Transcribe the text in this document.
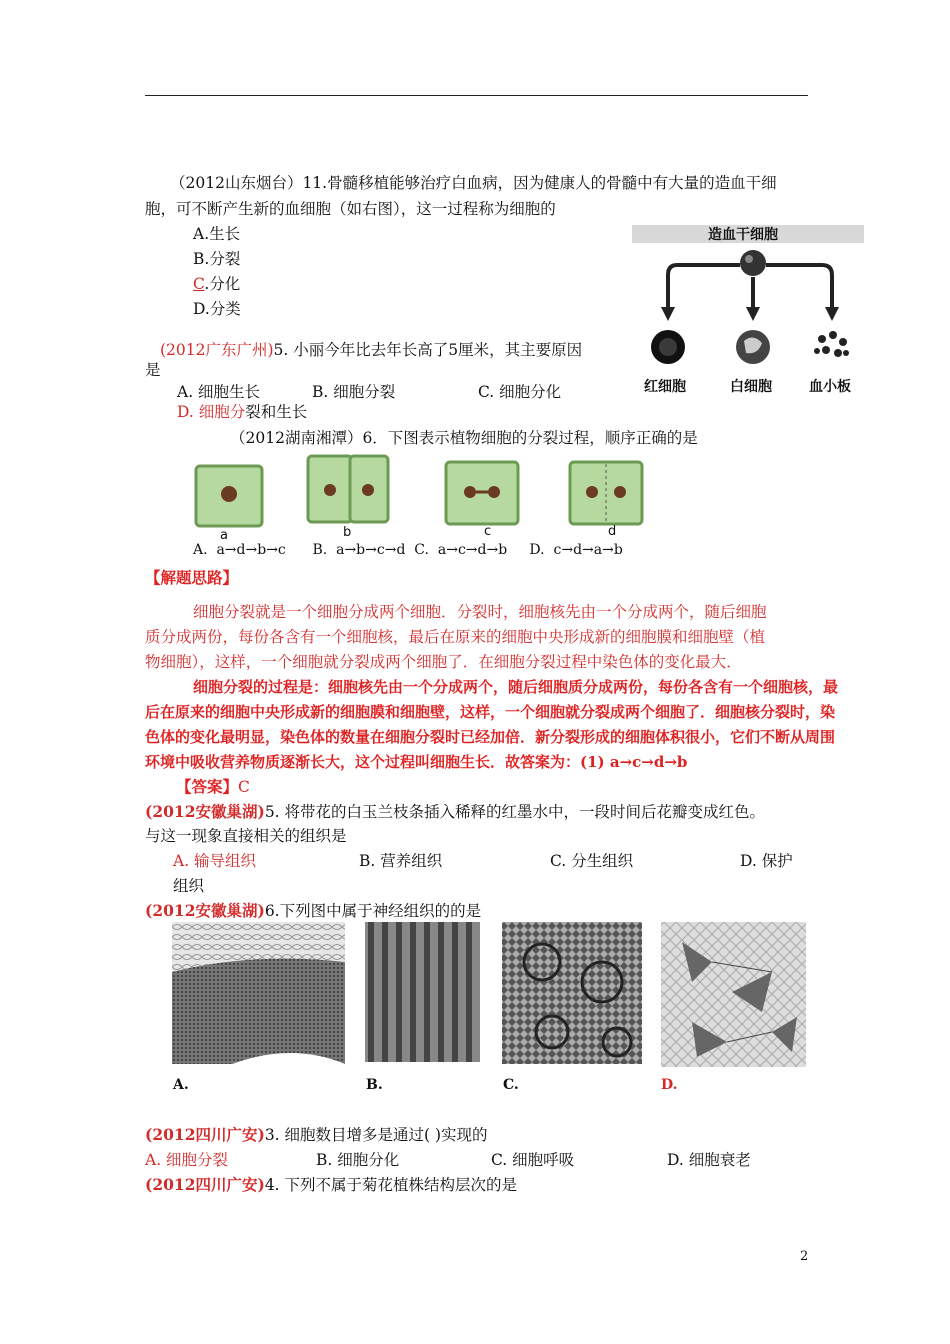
（2012山东烟台）11.骨髓移植能够治疗白血病，因为健康人的骨髓中有大量的造血干细
胞，可不断产生新的血细胞（如右图），这一过程称为细胞的
A.生长
B.分裂
C.分化
D.分类
造血干细胞
红细胞	白细胞	血小板
(2012广东广州)5. 小丽今年比去年长高了5厘米，其主要原因
是
A. 细胞生长	B. 细胞分裂	C. 细胞分化
D. 细胞分裂和生长
（2012湖南湘潭）6．下图表示植物细胞的分裂过程，顺序正确的是
a	b	c	d
A.  a→d→b→c      B.  a→b→c→d  C.  a→c→d→b     D.  c→d→a→b
【解题思路】
细胞分裂就是一个细胞分成两个细胞．分裂时，细胞核先由一个分成两个，随后细胞
质分成两份，每份各含有一个细胞核，最后在原来的细胞中央形成新的细胞膜和细胞壁（植
物细胞），这样，一个细胞就分裂成两个细胞了．在细胞分裂过程中染色体的变化最大．
细胞分裂的过程是：细胞核先由一个分成两个，随后细胞质分成两份，每份各含有一个细胞核，最
后在原来的细胞中央形成新的细胞膜和细胞壁，这样，一个细胞就分裂成两个细胞了．细胞核分裂时，染
色体的变化最明显，染色体的数量在细胞分裂时已经加倍．新分裂形成的细胞体积很小，它们不断从周围
环境中吸收营养物质逐渐长大，这个过程叫细胞生长．故答案为：(1) a→c→d→b
【答案】C
(2012安徽巢湖)5. 将带花的白玉兰枝条插入稀释的红墨水中，一段时间后花瓣变成红色。
与这一现象直接相关的组织是
A. 输导组织	B. 营养组织	C. 分生组织	D. 保护
组织
(2012安徽巢湖)6.下列图中属于神经组织的的是
A.	B.	C.	D.
(2012四川广安)3. 细胞数目增多是通过( )实现的
A. 细胞分裂	B. 细胞分化	C. 细胞呼吸	D. 细胞衰老
(2012四川广安)4. 下列不属于菊花植株结构层次的是
2
